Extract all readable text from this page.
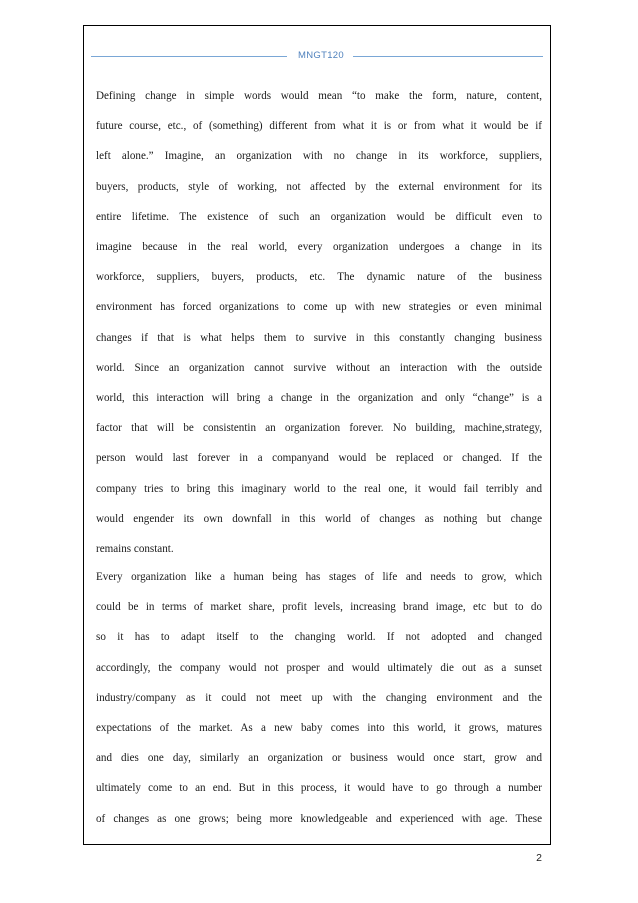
MNGT120
Defining change in simple words would mean “to make the form, nature, content,
future course, etc., of (something) different from what it is or from what it would be if
left alone.” Imagine, an organization with no change in its workforce, suppliers,
buyers, products, style of working, not affected by the external environment for its
entire lifetime. The existence of such an organization would be difficult even to
imagine because in the real world, every organization undergoes a change in its
workforce, suppliers, buyers, products, etc. The dynamic nature of the business
environment has forced organizations to come up with new strategies or even minimal
changes if that is what helps them to survive in this constantly changing business
world. Since an organization cannot survive without an interaction with the outside
world, this interaction will bring a change in the organization and only “change” is a
factor that will be consistentin an organization forever. No building, machine,strategy,
person would last forever in a companyand would be replaced or changed. If the
company tries to bring this imaginary world to the real one, it would fail terribly and
would engender its own downfall in this world of changes as nothing but change
remains constant.
Every organization like a human being has stages of life and needs to grow, which
could be in terms of market share, profit levels, increasing brand image, etc but to do
so it has to adapt itself to the changing world. If not adopted and changed
accordingly, the company would not prosper and would ultimately die out as a sunset
industry/company as it could not meet up with the changing environment and the
expectations of the market. As a new baby comes into this world, it grows, matures
and dies one day, similarly an organization or business would once start, grow and
ultimately come to an end. But in this process, it would have to go through a number
of changes as one grows; being more knowledgeable and experienced with age. These
2
